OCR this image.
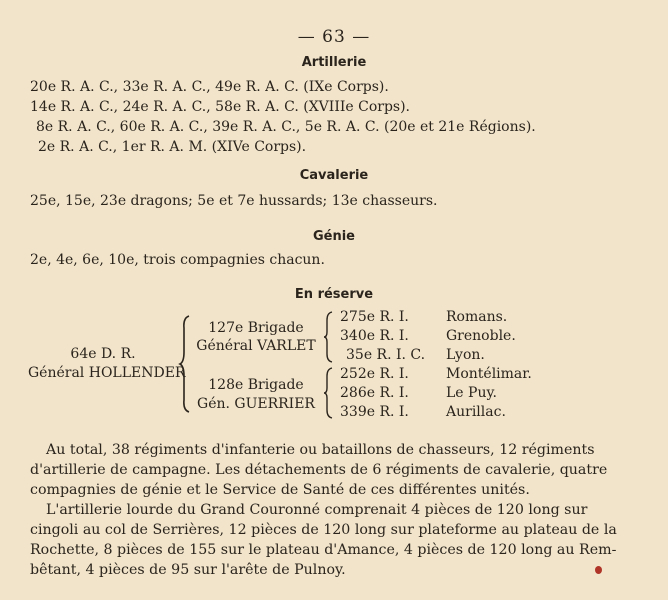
— 63 —
Artillerie
20e R. A. C., 33e R. A. C., 49e R. A. C. (IXe Corps).
14e R. A. C., 24e R. A. C., 58e R. A. C. (XVIIIe Corps).
8e R. A. C., 60e R. A. C., 39e R. A. C., 5e R. A. C. (20e et 21e Régions).
2e R. A. C., 1er R. A. M. (XIVe Corps).
Cavalerie
25e, 15e, 23e dragons; 5e et 7e hussards; 13e chasseurs.
Génie
2e, 4e, 6e, 10e, trois compagnies chacun.
En réserve
64e D. R.
Général HOLLENDER
127e Brigade
Général VARLET
275e R. I.	Romans.
340e R. I.	Grenoble.
35e R. I. C. Lyon.
128e Brigade
Gén. GUERRIER
252e R. I.	Montélimar.
286e R. I.	Le Puy.
339e R. I.	Aurillac.
Au total, 38 régiments d'infanterie ou bataillons de chasseurs, 12 régiments
d'artillerie de campagne. Les détachements de 6 régiments de cavalerie, quatre
compagnies de génie et le Service de Santé de ces différentes unités.
L'artillerie lourde du Grand Couronné comprenait 4 pièces de 120 long sur
cingoli au col de Serrières, 12 pièces de 120 long sur plateforme au plateau de la
Rochette, 8 pièces de 155 sur le plateau d'Amance, 4 pièces de 120 long au Rem-
bêtant, 4 pièces de 95 sur l'arête de Pulnoy.
